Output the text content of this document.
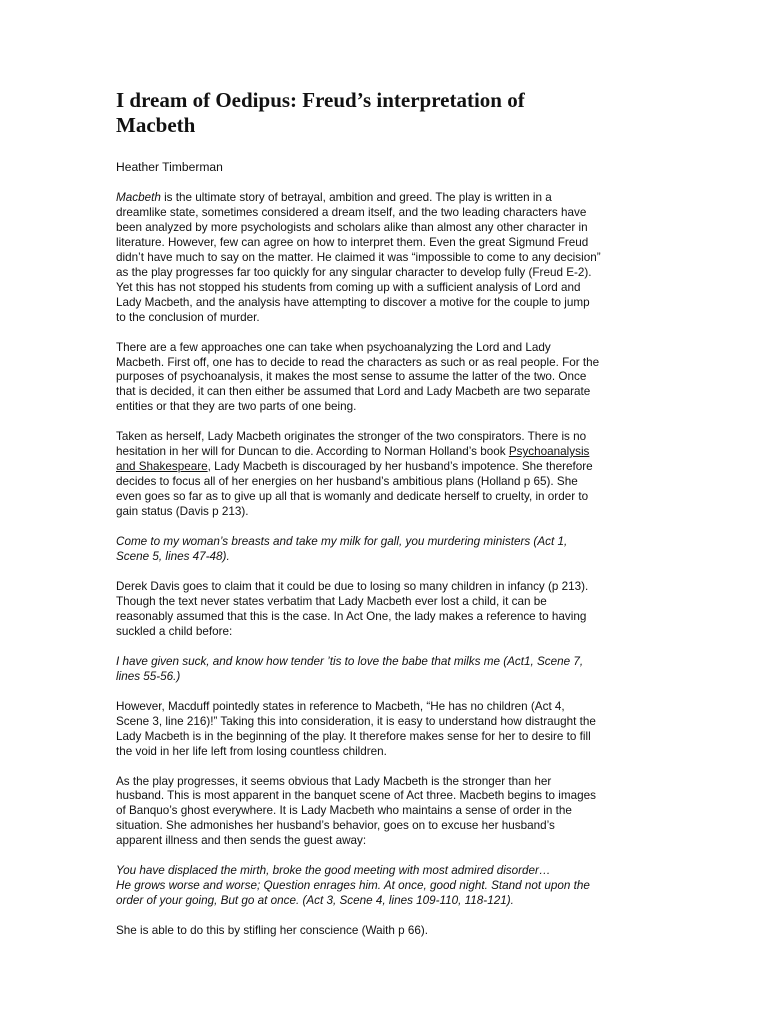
I dream of Oedipus: Freud’s interpretation of
Macbeth
Heather Timberman
Macbeth is the ultimate story of betrayal, ambition and greed. The play is written in a
dreamlike state, sometimes considered a dream itself, and the two leading characters have
been analyzed by more psychologists and scholars alike than almost any other character in
literature. However, few can agree on how to interpret them. Even the great Sigmund Freud
didn’t have much to say on the matter. He claimed it was “impossible to come to any decision”
as the play progresses far too quickly for any singular character to develop fully (Freud E-2).
Yet this has not stopped his students from coming up with a sufficient analysis of Lord and
Lady Macbeth, and the analysis have attempting to discover a motive for the couple to jump
to the conclusion of murder.
There are a few approaches one can take when psychoanalyzing the Lord and Lady
Macbeth. First off, one has to decide to read the characters as such or as real people. For the
purposes of psychoanalysis, it makes the most sense to assume the latter of the two. Once
that is decided, it can then either be assumed that Lord and Lady Macbeth are two separate
entities or that they are two parts of one being.
Taken as herself, Lady Macbeth originates the stronger of the two conspirators. There is no
hesitation in her will for Duncan to die. According to Norman Holland’s book Psychoanalysis
and Shakespeare, Lady Macbeth is discouraged by her husband’s impotence. She therefore
decides to focus all of her energies on her husband’s ambitious plans (Holland p 65). She
even goes so far as to give up all that is womanly and dedicate herself to cruelty, in order to
gain status (Davis p 213).
Come to my woman’s breasts and take my milk for gall, you murdering ministers (Act 1,
Scene 5, lines 47-48).
Derek Davis goes to claim that it could be due to losing so many children in infancy (p 213).
Though the text never states verbatim that Lady Macbeth ever lost a child, it can be
reasonably assumed that this is the case. In Act One, the lady makes a reference to having
suckled a child before:
I have given suck, and know how tender ’tis to love the babe that milks me (Act1, Scene 7,
lines 55-56.)
However, Macduff pointedly states in reference to Macbeth, “He has no children (Act 4,
Scene 3, line 216)!” Taking this into consideration, it is easy to understand how distraught the
Lady Macbeth is in the beginning of the play. It therefore makes sense for her to desire to fill
the void in her life left from losing countless children.
As the play progresses, it seems obvious that Lady Macbeth is the stronger than her
husband. This is most apparent in the banquet scene of Act three. Macbeth begins to images
of Banquo’s ghost everywhere. It is Lady Macbeth who maintains a sense of order in the
situation. She admonishes her husband’s behavior, goes on to excuse her husband’s
apparent illness and then sends the guest away:
You have displaced the mirth, broke the good meeting with most admired disorder…
He grows worse and worse; Question enrages him. At once, good night. Stand not upon the
order of your going, But go at once. (Act 3, Scene 4, lines 109-110, 118-121).
She is able to do this by stifling her conscience (Waith p 66).
